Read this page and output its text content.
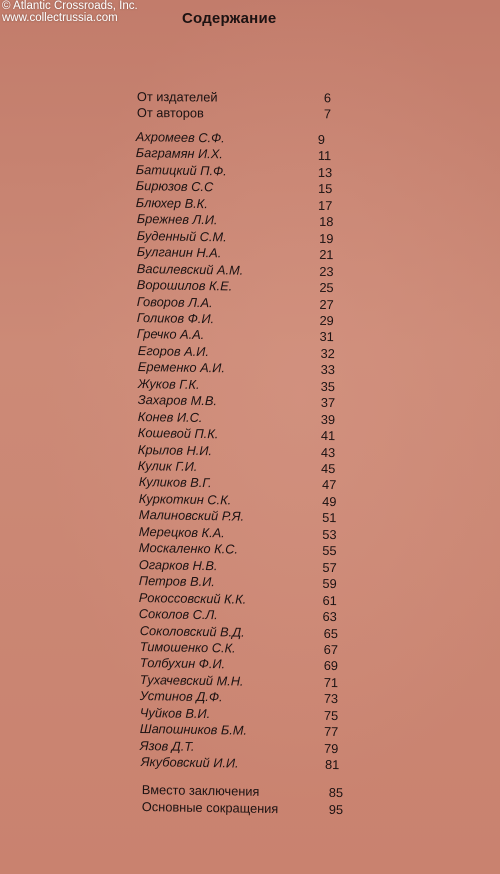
© Atlantic Crossroads, Inc.
www.collectrussia.com	Содержание
От издателей	6
От авторов	7
Ахромеев С.Ф.	9
Баграмян И.Х.	11
Батицкий П.Ф.	13
Бирюзов С.С	15
Блюхер В.К.	17
Брежнев Л.И.	18
Буденный С.М.	19
Булганин Н.А.	21
Василевский А.М.	23
Ворошилов К.Е.	25
Говоров Л.А.	27
Голиков Ф.И.	29
Гречко А.А.	31
Егоров А.И.	32
Еременко А.И.	33
Жуков Г.К.	35
Захаров М.В.	37
Конев И.С.	39
Кошевой П.К.	41
Крылов Н.И.	43
Кулик Г.И.	45
Куликов В.Г.	47
Куркоткин С.К.	49
Малиновский Р.Я.	51
Мерецков К.А.	53
Москаленко К.С.	55
Огарков Н.В.	57
Петров В.И.	59
Рокоссовский К.К.	61
Соколов С.Л.	63
Соколовский В.Д.	65
Тимошенко С.К.	67
Толбухин Ф.И.	69
Тухачевский М.Н.	71
Устинов Д.Ф.	73
Чуйков В.И.	75
Шапошников Б.М.	77
Язов Д.Т.	79
Якубовский И.И.	81
Вместо заключения	85
Основные сокращения	95
